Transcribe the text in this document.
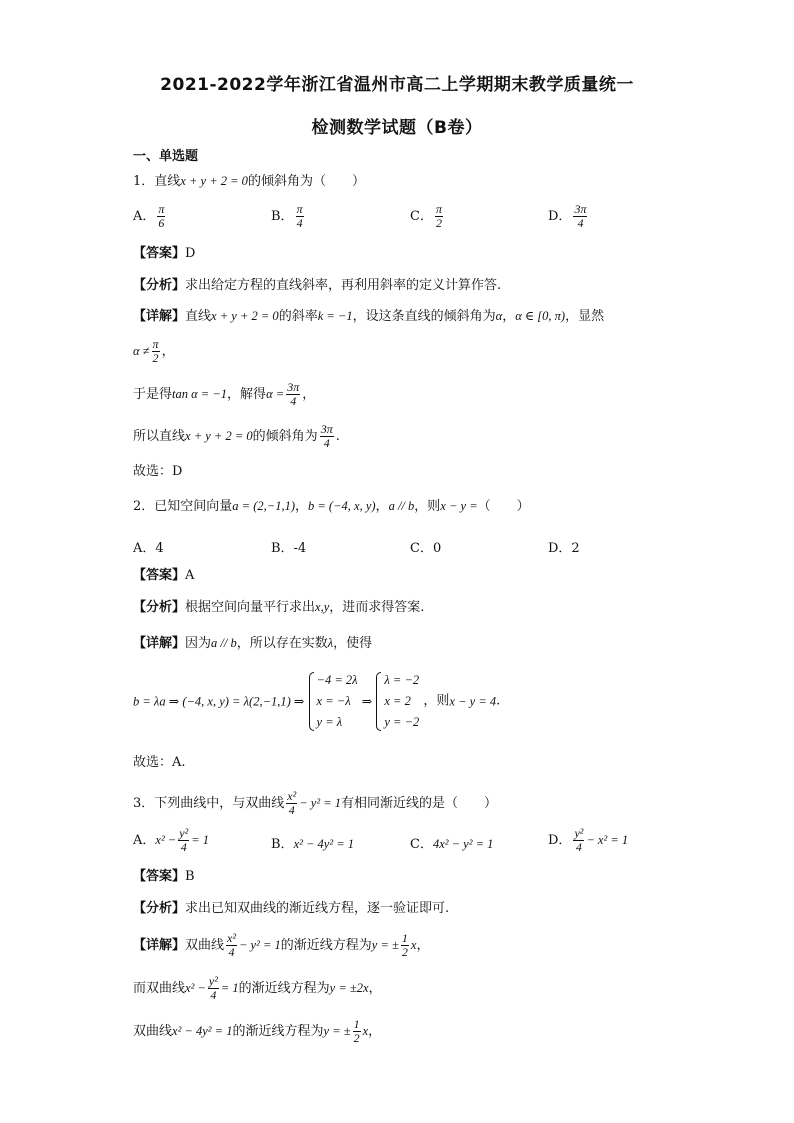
2021-2022学年浙江省温州市高二上学期期末教学质量统一
检测数学试题（B卷）
一、单选题
1．直线x + y + 2 = 0的倾斜角为（　　）
A． $\frac{\pi}{6}$	B． $\frac{\pi}{4}$	C． $\frac{\pi}{2}$	D． $\frac{3\pi}{4}$
【答案】D
【分析】求出给定方程的直线斜率，再利用斜率的定义计算作答.
【详解】直线x + y + 2 = 0的斜率k = −1，设这条直线的倾斜角为α，α ∈ [0, π)，显然
$\alpha \ne \frac{\pi}{2}$ ，
于是得tan α = −1，解得$\alpha = \frac{3\pi}{4}$ ，
所以直线x + y + 2 = 0的倾斜角为 $\frac{3\pi}{4}$ .
故选：D
2．已知空间向量a = (2,−1,1)，b = (−4, x, y)，a // b，则x − y =（　　）
A．4	B．-4	C．0	D．2
【答案】A
【分析】根据空间向量平行求出x,y，进而求得答案.
【详解】因为a // b，所以存在实数λ，使得
b = λa ⇒ (−4, x, y) = λ(2,−1,1) ⇒
−4 = 2λ
x = −λ
y = λ
⇒
λ = −2
x = 2
y = −2
，则x − y = 4.
故选：A.
3．下列曲线中，与双曲线 $\frac{\text{x²}}{4} - y^2 = 1$有相同渐近线的是（　　）
A．$x^2 - \frac{\text{y²}}{4} = 1$	B．x² − 4y² = 1	C．4x² − y² = 1	D． $\frac{\text{y²}}{4} - x^2 = 1$
【答案】B
【分析】求出已知双曲线的渐近线方程，逐一验证即可.
【详解】双曲线 $\frac{\text{x²}}{4} - y^2 = 1$的渐近线方程为y = ± $\frac{1}{2}$ x，
而双曲线$x^2 - \frac{\text{y²}}{4} = 1$的渐近线方程为y = ±2x，
双曲线x² − 4y² = 1的渐近线方程为y = ± $\frac{1}{2}$ x，
